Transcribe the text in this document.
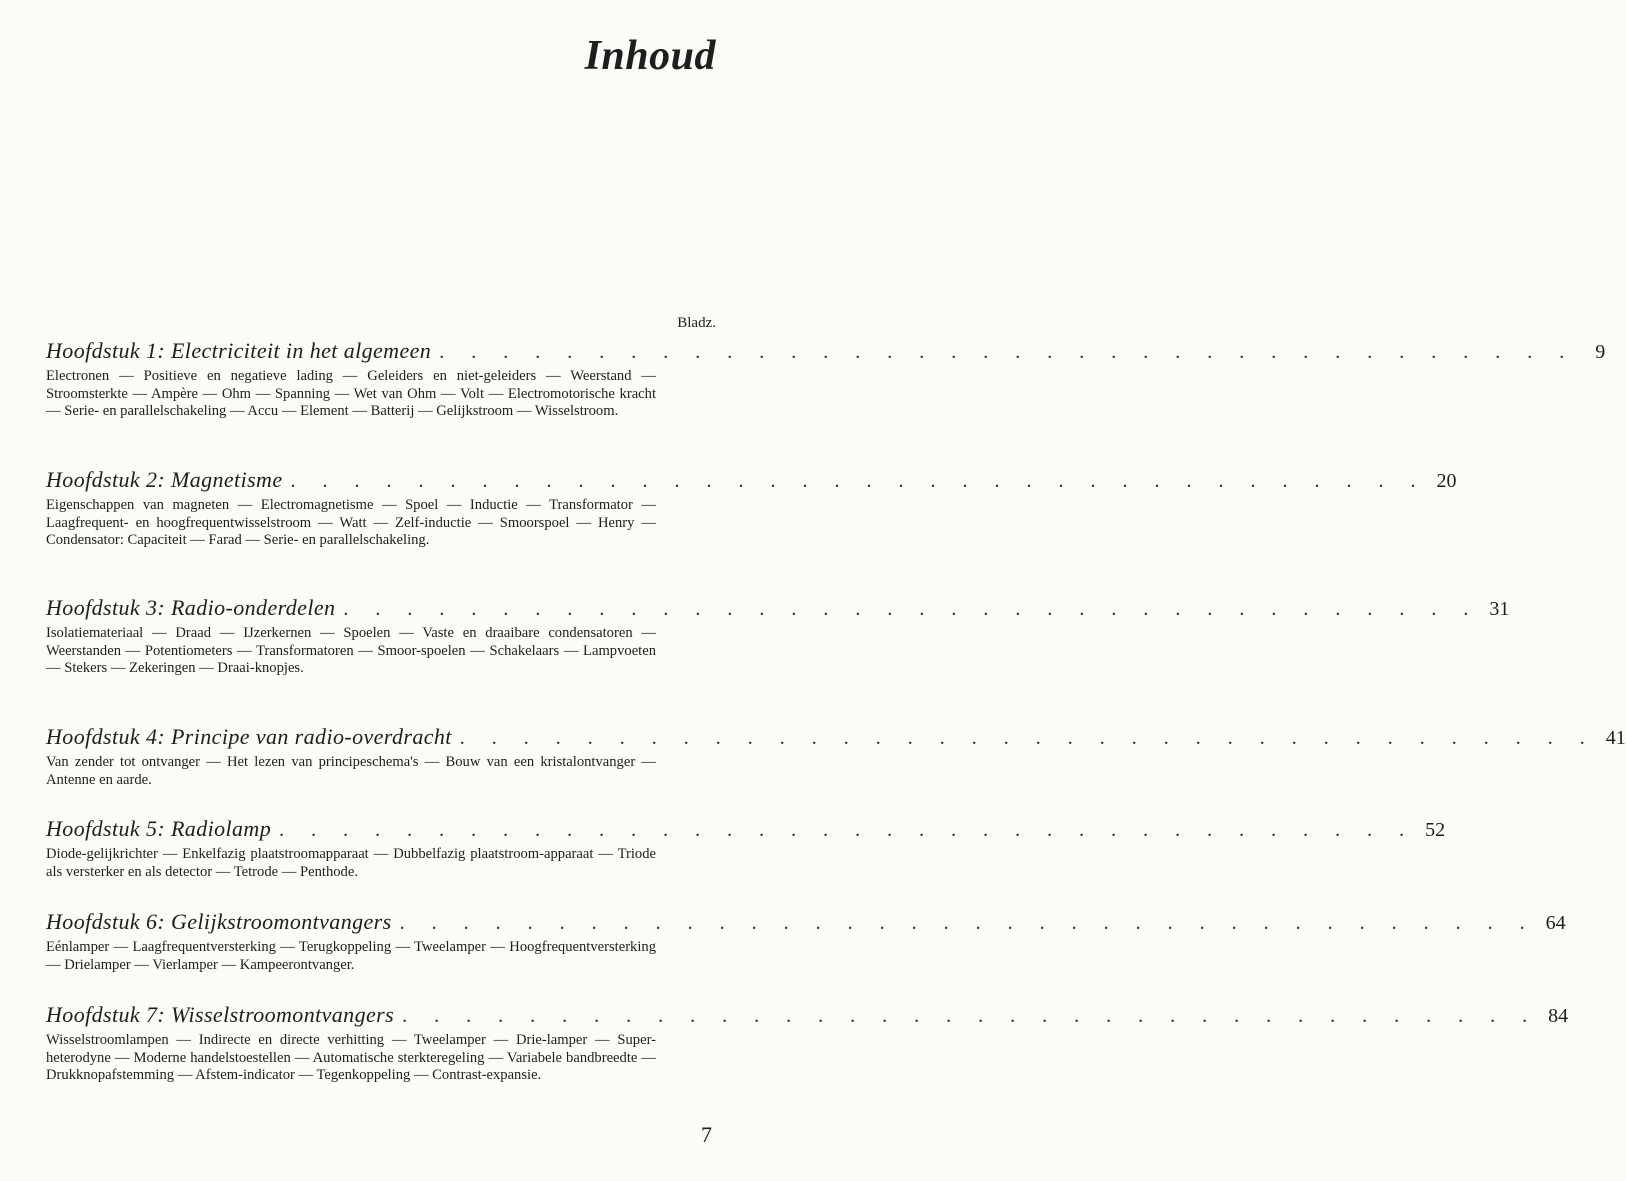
Inhoud
Bladz.
Hoofdstuk 1: Electriciteit in het algemeen . . . . . . . . . . . . . . . . . . . . . . . . . . . . . . . . . . . .	9
Electronen — Positieve en negatieve lading — Geleiders en niet-geleiders — Weerstand — Stroomsterkte — Ampère — Ohm — Spanning — Wet van Ohm — Volt — Electromotorische kracht — Serie- en parallelschakeling — Accu — Element — Batterij — Gelijkstroom — Wisselstroom.
Hoofdstuk 2: Magnetisme . . . . . . . . . . . . . . . . . . . . . . . . . . . . . . . . . . . . 20
Eigenschappen van magneten — Electromagnetisme — Spoel — Inductie — Transformator — Laagfrequent- en hoogfrequentwisselstroom — Watt — Zelf-inductie — Smoorspoel — Henry — Condensator: Capaciteit — Farad — Serie- en parallelschakeling.
Hoofdstuk 3: Radio-onderdelen . . . . . . . . . . . . . . . . . . . . . . . . . . . . . . . . . . . . 31
Isolatiemateriaal — Draad — IJzerkernen — Spoelen — Vaste en draaibare condensatoren — Weerstanden — Potentiometers — Transformatoren — Smoor-spoelen — Schakelaars — Lampvoeten — Stekers — Zekeringen — Draai-knopjes.
Hoofdstuk 4: Principe van radio-overdracht . . . . . . . . . . . . . . . . . . . . . . . . . . . . . . . . . . . . 41
Van zender tot ontvanger — Het lezen van principeschema's — Bouw van een kristalontvanger — Antenne en aarde.
Hoofdstuk 5: Radiolamp . . . . . . . . . . . . . . . . . . . . . . . . . . . . . . . . . . . . 52
Diode-gelijkrichter — Enkelfazig plaatstroomapparaat — Dubbelfazig plaatstroom-apparaat — Triode als versterker en als detector — Tetrode — Penthode.
Hoofdstuk 6: Gelijkstroomontvangers . . . . . . . . . . . . . . . . . . . . . . . . . . . . . . . . . . . . 64
Eénlamper — Laagfrequentversterking — Terugkoppeling — Tweelamper — Hoogfrequentversterking — Drielamper — Vierlamper — Kampeerontvanger.
Hoofdstuk 7: Wisselstroomontvangers . . . . . . . . . . . . . . . . . . . . . . . . . . . . . . . . . . . . 84
Wisselstroomlampen — Indirecte en directe verhitting — Tweelamper — Drie-lamper — Super-heterodyne — Moderne handelstoestellen — Automatische sterkteregeling — Variabele bandbreedte — Drukknopafstemming — Afstem-indicator — Tegenkoppeling — Contrast-expansie.
7
